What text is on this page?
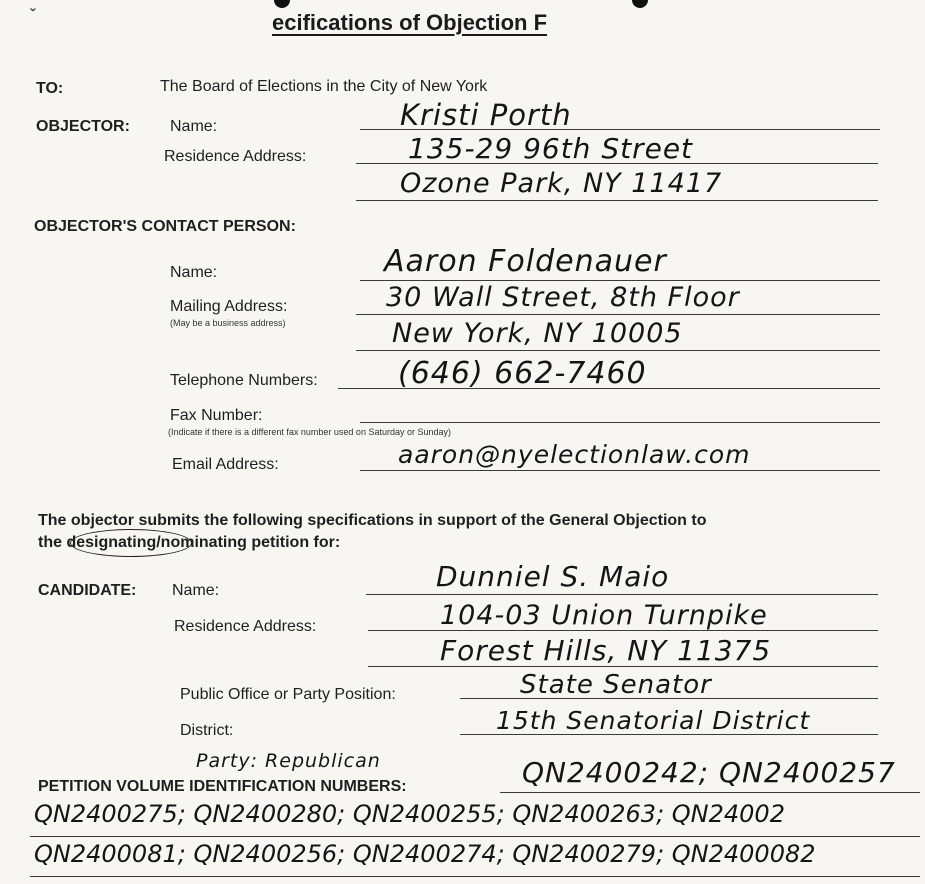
ˇ	ecifications of Objection F
TO:	The Board of Elections in the City of New York
OBJECTOR:	Name:	Kristi Porth
Residence Address:	135-29 96th Street
Ozone Park, NY 11417
OBJECTOR'S CONTACT PERSON:
Name:	Aaron Foldenauer
Mailing Address:
(May be a business address)
30 Wall Street, 8th Floor
New York, NY 10005
Telephone Numbers:	(646) 662-7460
Fax Number:
(Indicate if there is a different fax number used on Saturday or Sunday)
Email Address:	aaron@nyelectionlaw.com
The objector submits the following specifications in support of the General Objection to
the designating/nominating petition for:
CANDIDATE: Name:	Dunniel S. Maio
Residence Address:	104-03 Union Turnpike
Forest Hills, NY 11375
Public Office or Party Position:	State Senator
District:	15th Senatorial District
Party: Republican
PETITION VOLUME IDENTIFICATION NUMBERS:	QN2400242; QN2400257
QN2400275; QN2400280; QN2400255; QN2400263; QN24002
QN2400081; QN2400256; QN2400274; QN2400279; QN2400082
